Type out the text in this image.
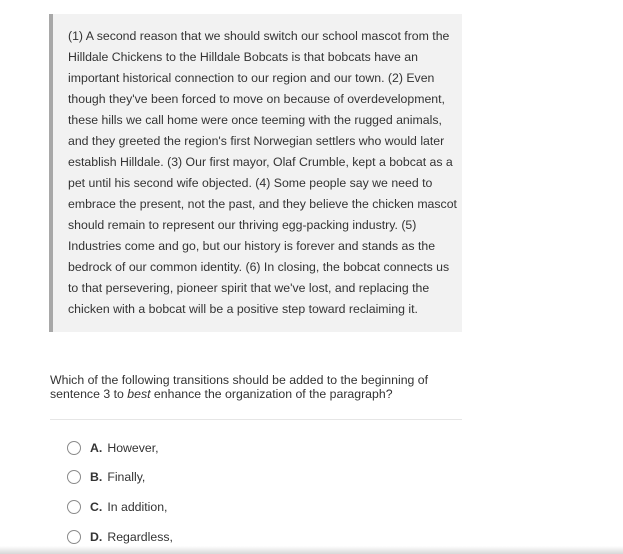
(1) A second reason that we should switch our school mascot from the Hilldale Chickens to the Hilldale Bobcats is that bobcats have an important historical connection to our region and our town. (2) Even though they've been forced to move on because of overdevelopment, these hills we call home were once teeming with the rugged animals, and they greeted the region's first Norwegian settlers who would later establish Hilldale. (3) Our first mayor, Olaf Crumble, kept a bobcat as a pet until his second wife objected. (4) Some people say we need to embrace the present, not the past, and they believe the chicken mascot should remain to represent our thriving egg-packing industry. (5) Industries come and go, but our history is forever and stands as the bedrock of our common identity. (6) In closing, the bobcat connects us to that persevering, pioneer spirit that we've lost, and replacing the chicken with a bobcat will be a positive step toward reclaiming it.

Which of the following transitions should be added to the beginning of sentence 3 to best enhance the organization of the paragraph?
A. However,
B. Finally,
C. In addition,
D. Regardless,
